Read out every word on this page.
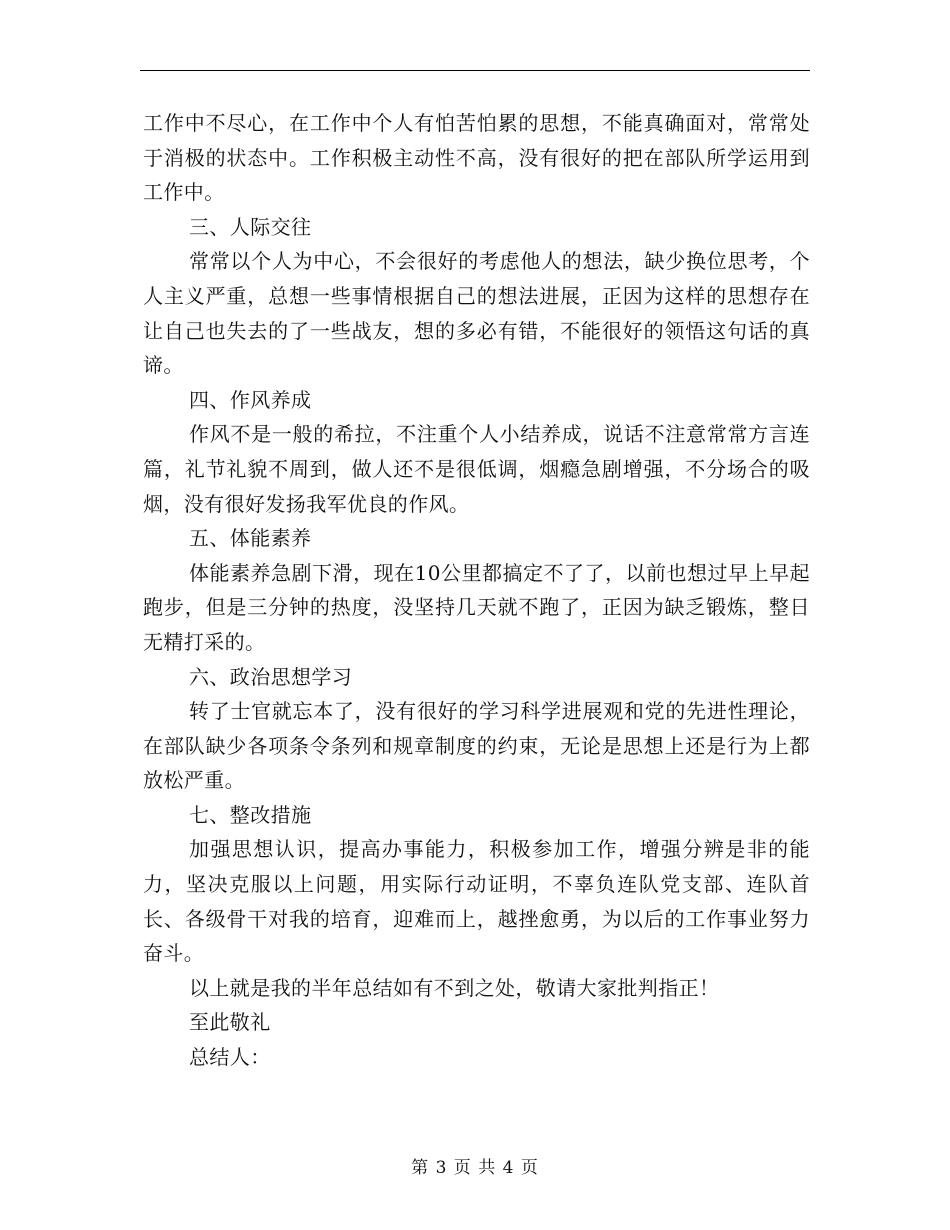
工作中不尽心，在工作中个人有怕苦怕累的思想，不能真确面对，常常处于消极的状态中。工作积极主动性不高，没有很好的把在部队所学运用到工作中。

三、人际交往

常常以个人为中心，不会很好的考虑他人的想法，缺少换位思考，个人主义严重，总想一些事情根据自己的想法进展，正因为这样的思想存在让自己也失去的了一些战友，想的多必有错，不能很好的领悟这句话的真谛。

四、作风养成

作风不是一般的希拉，不注重个人小结养成，说话不注意常常方言连篇，礼节礼貌不周到，做人还不是很低调，烟瘾急剧增强，不分场合的吸烟，没有很好发扬我军优良的作风。

五、体能素养

体能素养急剧下滑，现在10公里都搞定不了了，以前也想过早上早起跑步，但是三分钟的热度，没坚持几天就不跑了，正因为缺乏锻炼，整日无精打采的。

六、政治思想学习

转了士官就忘本了，没有很好的学习科学进展观和党的先进性理论，在部队缺少各项条令条列和规章制度的约束，无论是思想上还是行为上都放松严重。

七、整改措施

加强思想认识，提高办事能力，积极参加工作，增强分辨是非的能力，坚决克服以上问题，用实际行动证明，不辜负连队党支部、连队首长、各级骨干对我的培育，迎难而上，越挫愈勇，为以后的工作事业努力奋斗。

以上就是我的半年总结如有不到之处，敬请大家批判指正！

至此敬礼

总结人：

第 3 页 共 4 页
